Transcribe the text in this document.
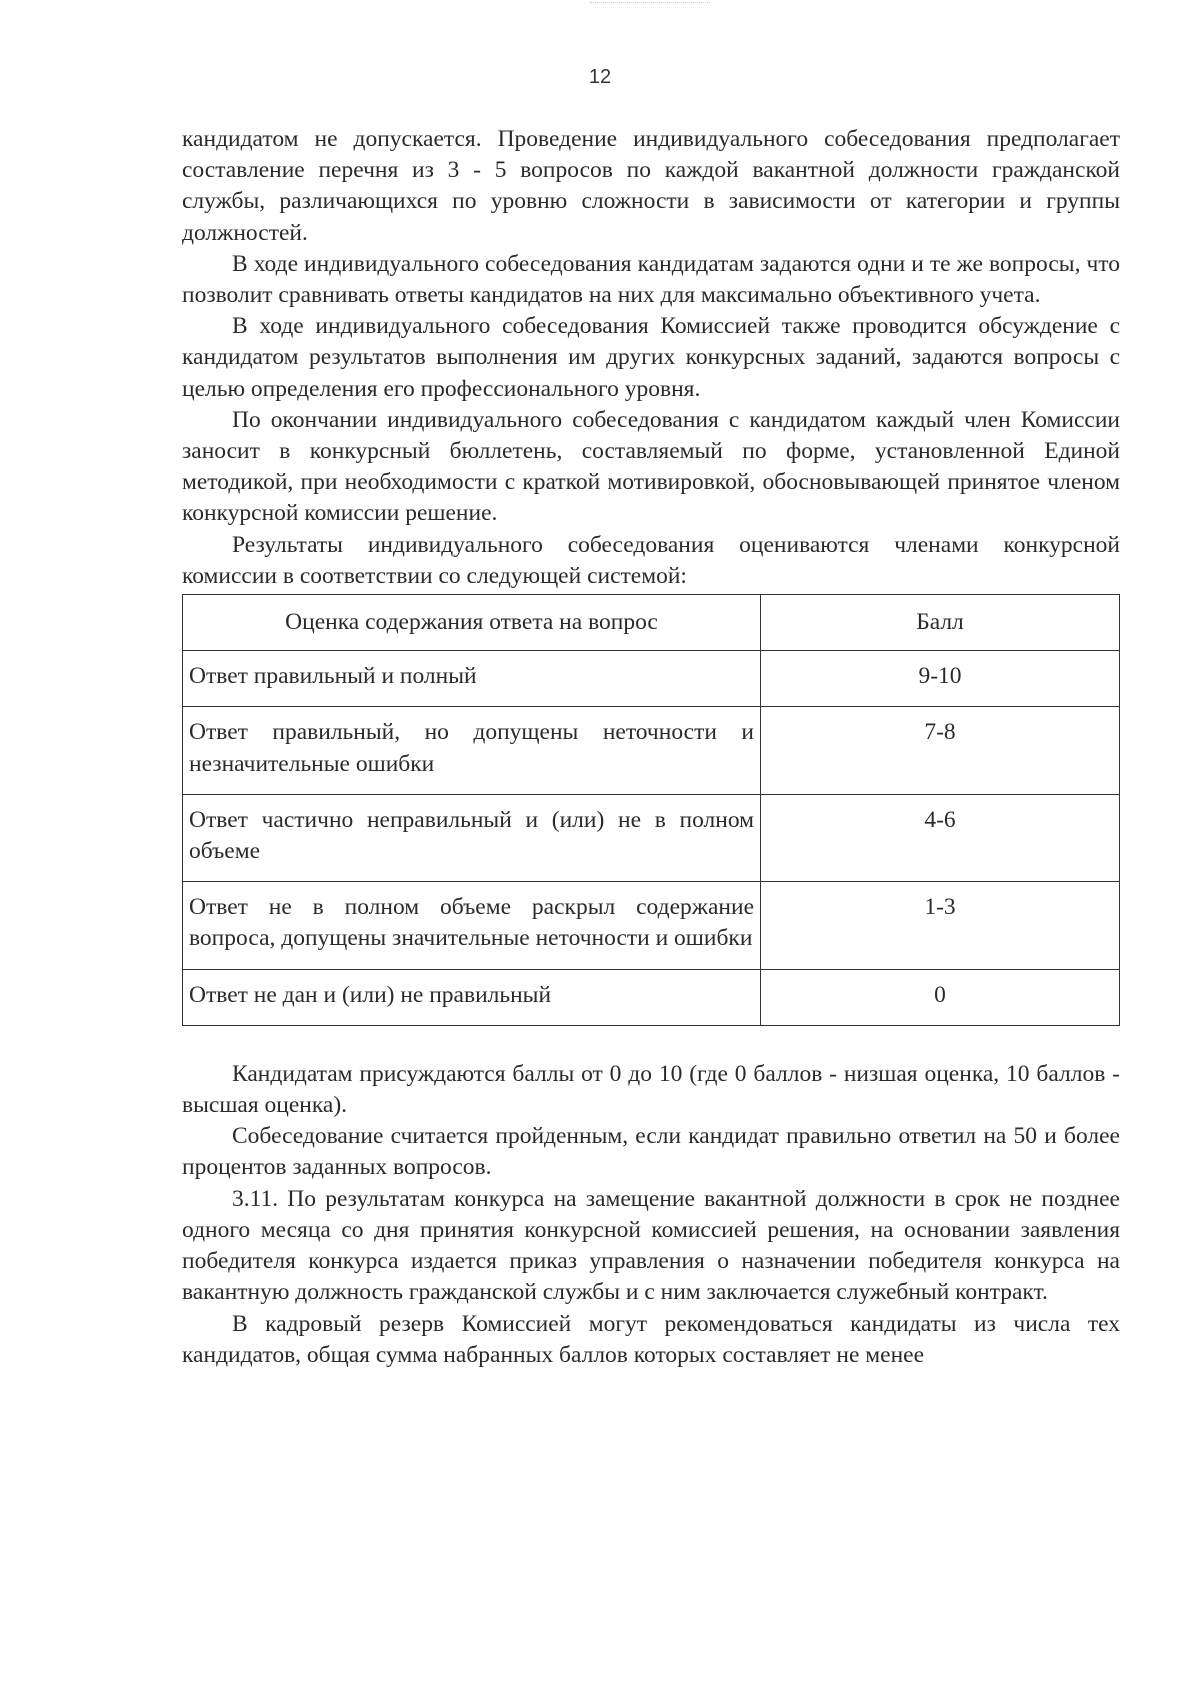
12

кандидатом не допускается. Проведение индивидуального собеседования предполагает составление перечня из 3 - 5 вопросов по каждой вакантной должности гражданской службы, различающихся по уровню сложности в зависимости от категории и группы должностей.

В ходе индивидуального собеседования кандидатам задаются одни и те же вопросы, что позволит сравнивать ответы кандидатов на них для максимально объективного учета.

В ходе индивидуального собеседования Комиссией также проводится обсуждение с кандидатом результатов выполнения им других конкурсных заданий, задаются вопросы с целью определения его профессионального уровня.

По окончании индивидуального собеседования с кандидатом каждый член Комиссии заносит в конкурсный бюллетень, составляемый по форме, установленной Единой методикой, при необходимости с краткой мотивировкой, обосновывающей принятое членом конкурсной комиссии решение.

Результаты индивидуального собеседования оцениваются членами конкурсной комиссии в соответствии со следующей системой:

Оценка содержания ответа на вопрос	Балл
Ответ правильный и полный	9-10
Ответ правильный, но допущены неточности и незначительные ошибки	7-8
Ответ частично неправильный и (или) не в полном объеме	4-6
Ответ не в полном объеме раскрыл содержание вопроса, допущены значительные неточности и ошибки	1-3
Ответ не дан и (или) не правильный	0

Кандидатам присуждаются баллы от 0 до 10 (где 0 баллов - низшая оценка, 10 баллов - высшая оценка).

Собеседование считается пройденным, если кандидат правильно ответил на 50 и более процентов заданных вопросов.

3.11. По результатам конкурса на замещение вакантной должности в срок не позднее одного месяца со дня принятия конкурсной комиссией решения, на основании заявления победителя конкурса издается приказ управления о назначении победителя конкурса на вакантную должность гражданской службы и с ним заключается служебный контракт.

В кадровый резерв Комиссией могут рекомендоваться кандидаты из числа тех кандидатов, общая сумма набранных баллов которых составляет не менее
